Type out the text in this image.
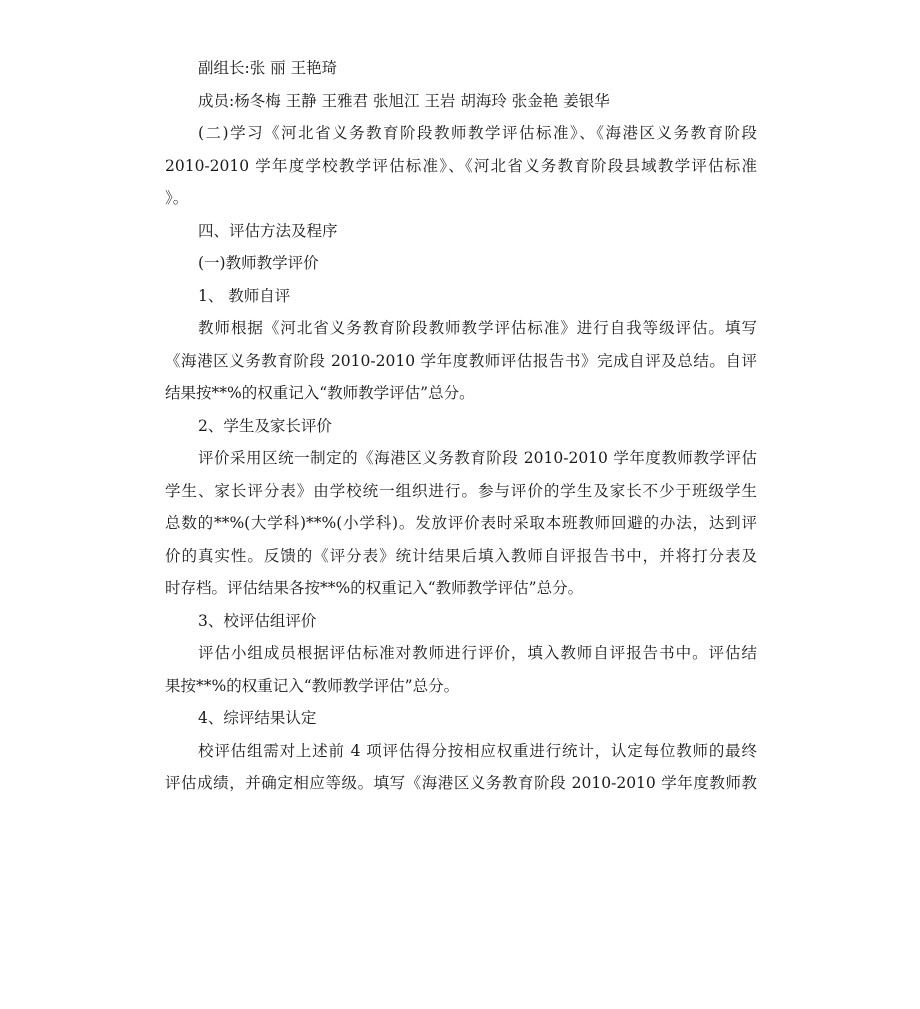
副组长:张 丽 王艳琦
成员:杨冬梅 王静 王雅君 张旭江 王岩 胡海玲 张金艳 姜银华
(二)学习《河北省义务教育阶段教师教学评估标准》、《海港区义务教育阶段
2010-2010 学年度学校教学评估标准》、《河北省义务教育阶段县域教学评估标准
》。
四、评估方法及程序
(一)教师教学评价
1、 教师自评
教师根据《河北省义务教育阶段教师教学评估标准》进行自我等级评估。填写
《海港区义务教育阶段 2010-2010 学年度教师评估报告书》完成自评及总结。自评
结果按**%的权重记入“教师教学评估”总分。
2、学生及家长评价
评价采用区统一制定的《海港区义务教育阶段 2010-2010 学年度教师教学评估
学生、家长评分表》由学校统一组织进行。参与评价的学生及家长不少于班级学生
总数的**%(大学科)**%(小学科)。发放评价表时采取本班教师回避的办法，达到评
价的真实性。反馈的《评分表》统计结果后填入教师自评报告书中，并将打分表及
时存档。评估结果各按**%的权重记入“教师教学评估”总分。
3、校评估组评价
评估小组成员根据评估标准对教师进行评价，填入教师自评报告书中。评估结
果按**%的权重记入“教师教学评估”总分。
4、综评结果认定
校评估组需对上述前 4 项评估得分按相应权重进行统计，认定每位教师的最终
评估成绩，并确定相应等级。填写《海港区义务教育阶段 2010-2010 学年度教师教
